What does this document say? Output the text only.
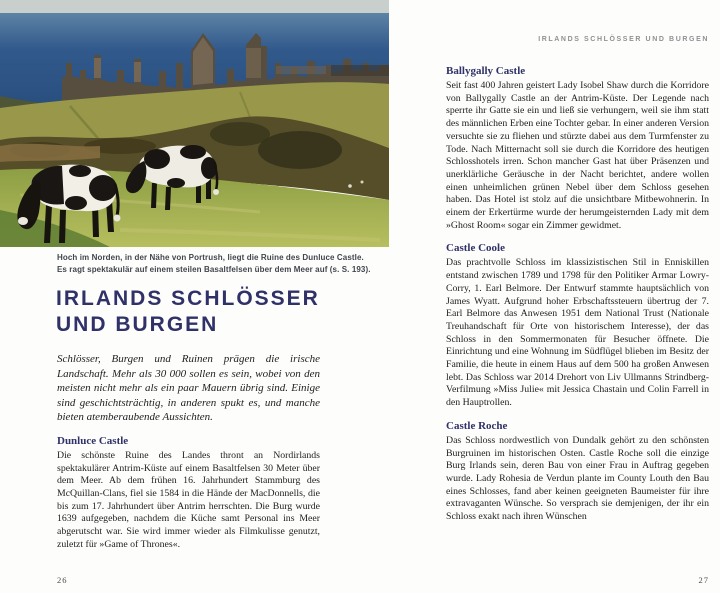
Hoch im Norden, in der Nähe von Portrush, liegt die Ruine des Dunluce Castle.
Es ragt spektakulär auf einem steilen Basaltfelsen über dem Meer auf (s. S. 193).
IRLANDS SCHLÖSSER
UND BURGEN

Schlösser, Burgen und Ruinen prägen die irische Landschaft. Mehr als 30 000 sollen es sein, wobei von den meisten nicht mehr als ein paar Mauern übrig sind. Einige sind geschichtsträchtig, in anderen spukt es, und manche bieten atemberaubende Aussichten.

Dunluce Castle

Die schönste Ruine des Landes thront an Nordirlands spektakulärer Antrim-Küste auf einem Basaltfelsen 30 Meter über dem Meer. Ab dem frühen 16. Jahrhundert Stammburg des McQuillan-Clans, fiel sie 1584 in die Hände der MacDonnells, die bis zum 17. Jahrhundert über Antrim herrschten. Die Burg wurde 1639 aufgegeben, nachdem die Küche samt Personal ins Meer abgerutscht war. Sie wird immer wieder als Filmkulisse genutzt, zuletzt für »Game of Thrones«.

26
IRLANDS SCHLÖSSER UND BURGEN
Ballygally Castle

Seit fast 400 Jahren geistert Lady Isobel Shaw durch die Korridore von Ballygally Castle an der Antrim-Küste. Der Legende nach sperrte ihr Gatte sie ein und ließ sie verhungern, weil sie ihm statt des männlichen Erben eine Tochter gebar. In einer anderen Version versuchte sie zu fliehen und stürzte dabei aus dem Turmfenster zu Tode. Nach Mitternacht soll sie durch die Korridore des heutigen Schlosshotels irren. Schon mancher Gast hat über Präsenzen und unerklärliche Geräusche in der Nacht berichtet, andere wollen einen unheimlichen grünen Nebel über dem Schloss gesehen haben. Das Hotel ist stolz auf die unsichtbare Mitbewohnerin. In einem der Erkertürme wurde der herumgeisternden Lady mit dem »Ghost Room« sogar ein Zimmer gewidmet.

Castle Coole

Das prachtvolle Schloss im klassizistischen Stil in Enniskillen entstand zwischen 1789 und 1798 für den Politiker Armar Lowry-Corry, 1. Earl Belmore. Der Entwurf stammte hauptsächlich von James Wyatt. Aufgrund hoher Erbschaftssteuern übertrug der 7. Earl Belmore das Anwesen 1951 dem National Trust (Nationale Treuhandschaft für Orte von historischem Interesse), der das Schloss in den Sommermonaten für Besucher öffnete. Die Einrichtung und eine Wohnung im Südflügel blieben im Besitz der Familie, die heute in einem Haus auf dem 500 ha großen Anwesen lebt. Das Schloss war 2014 Drehort von Liv Ullmanns Strindberg-Verfilmung »Miss Julie« mit Jessica Chastain und Colin Farrell in den Hauptrollen.

Castle Roche

Das Schloss nordwestlich von Dundalk gehört zu den schönsten Burgruinen im historischen Osten. Castle Roche soll die einzige Burg Irlands sein, deren Bau von einer Frau in Auftrag gegeben wurde. Lady Rohesia de Verdun plante im County Louth den Bau eines Schlosses, fand aber keinen geeigneten Baumeister für ihre extravaganten Wünsche. So versprach sie demjenigen, der ihr ein Schloss exakt nach ihren Wünschen

27
